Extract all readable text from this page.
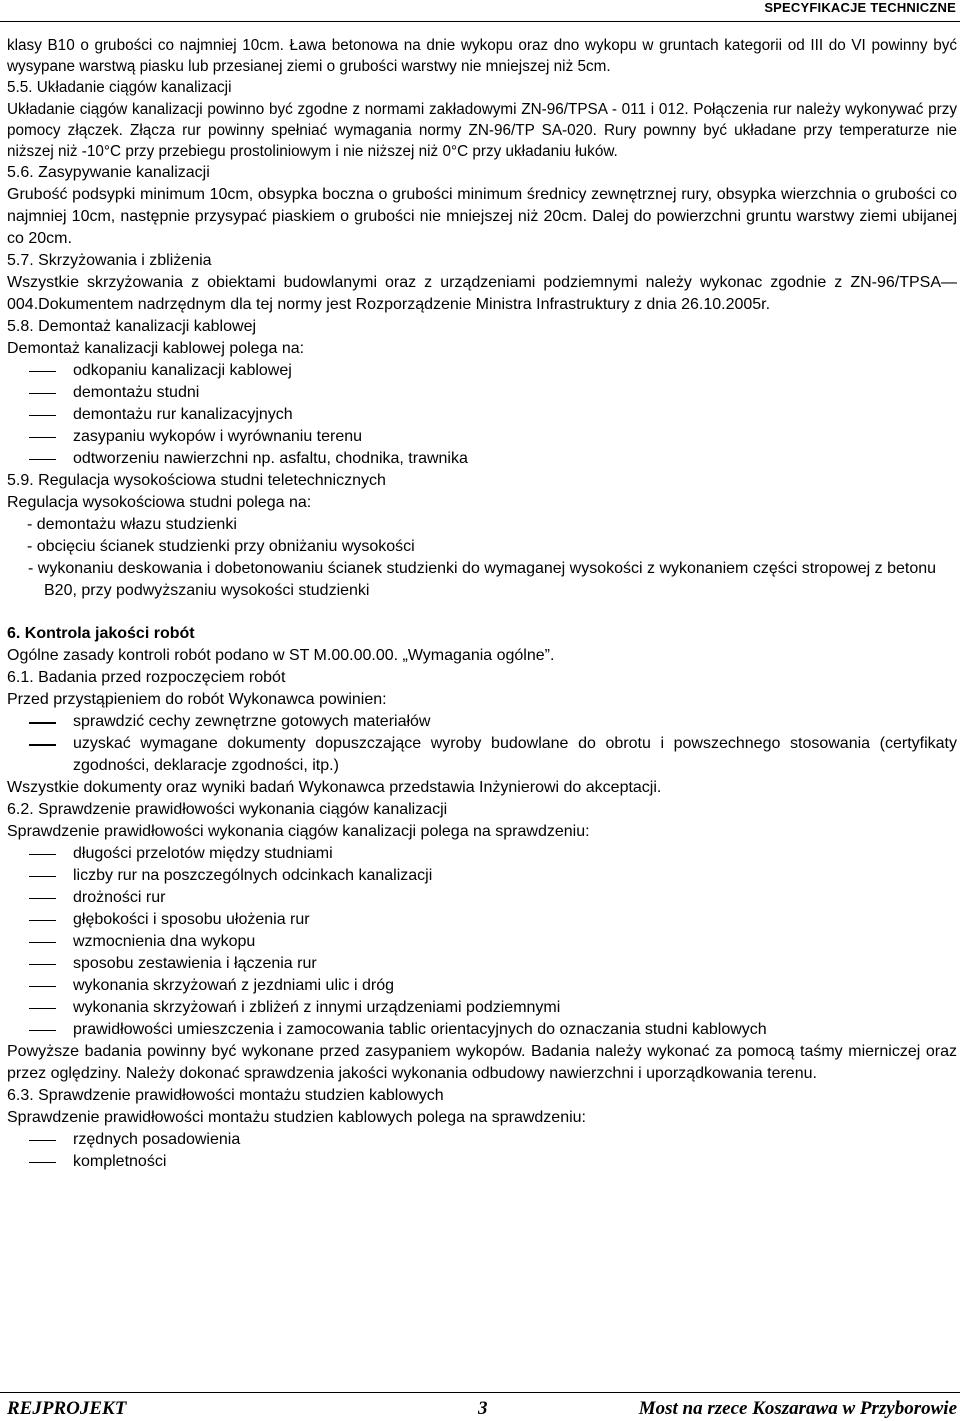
SPECYFIKACJE TECHNICZNE

klasy B10 o grubości co najmniej 10cm. Ława betonowa na dnie wykopu oraz dno wykopu w gruntach kategorii od III do VI powinny być wysypane warstwą piasku lub przesianej ziemi o grubości warstwy nie mniejszej niż 5cm.

5.5. Układanie ciągów kanalizacji

Układanie ciągów kanalizacji powinno być zgodne z normami zakładowymi ZN-96/TPSA - 011 i 012. Połączenia rur należy wykonywać przy pomocy złączek. Złącza rur powinny spełniać wymagania normy ZN-96/TP SA-020. Rury pownny być układane przy temperaturze nie niższej niż -10°C przy przebiegu prostoliniowym i nie niższej niż 0°C przy układaniu łuków.

5.6. Zasypywanie kanalizacji

Grubość podsypki minimum 10cm, obsypka boczna o grubości minimum średnicy zewnętrznej rury, obsypka wierzchnia o grubości co najmniej 10cm, następnie przysypać piaskiem o grubości nie mniejszej niż 20cm. Dalej do powierzchni gruntu warstwy ziemi ubijanej co 20cm.

5.7. Skrzyżowania i zbliżenia

Wszystkie skrzyżowania z obiektami budowlanymi oraz z urządzeniami podziemnymi należy wykonac zgodnie z ZN-96/TPSA—004.Dokumentem nadrzędnym dla tej normy jest Rozporządzenie Ministra Infrastruktury z dnia 26.10.2005r.

5.8. Demontaż kanalizacji kablowej

Demontaż kanalizacji kablowej polega na:

odkopaniu kanalizacji kablowej
demontażu studni
demontażu rur kanalizacyjnych
zasypaniu wykopów i wyrównaniu terenu
odtworzeniu nawierzchni np. asfaltu, chodnika, trawnika

5.9. Regulacja wysokościowa studni teletechnicznych

Regulacja wysokościowa studni polega na:

- demontażu włazu studzienki

- obcięciu ścianek studzienki przy obniżaniu wysokości

- wykonaniu deskowania i dobetonowaniu ścianek studzienki do wymaganej wysokości z wykonaniem części stropowej z betonu B20, przy podwyższaniu wysokości studzienki

6. Kontrola jakości robót

Ogólne zasady kontroli robót podano w ST M.00.00.00. „Wymagania ogólne”.

6.1. Badania przed rozpoczęciem robót

Przed przystąpieniem do robót Wykonawca powinien:

sprawdzić cechy zewnętrzne gotowych materiałów
uzyskać wymagane dokumenty dopuszczające wyroby budowlane do obrotu i powszechnego stosowania (certyfikaty zgodności, deklaracje zgodności, itp.)

Wszystkie dokumenty oraz wyniki badań Wykonawca przedstawia Inżynierowi do akceptacji.

6.2. Sprawdzenie prawidłowości wykonania ciągów kanalizacji

Sprawdzenie prawidłowości wykonania ciągów kanalizacji polega na sprawdzeniu:

długości przelotów między studniami
liczby rur na poszczególnych odcinkach kanalizacji
drożności rur
głębokości i sposobu ułożenia rur
wzmocnienia dna wykopu
sposobu zestawienia i łączenia rur
wykonania skrzyżowań z jezdniami ulic i dróg
wykonania skrzyżowań i zbliżeń z innymi urządzeniami podziemnymi
prawidłowości umieszczenia i zamocowania tablic orientacyjnych do oznaczania studni kablowych

Powyższe badania powinny być wykonane przed zasypaniem wykopów. Badania należy wykonać za pomocą taśmy mierniczej oraz przez oględziny. Należy dokonać sprawdzenia jakości wykonania odbudowy nawierzchni i uporządkowania terenu.

6.3. Sprawdzenie prawidłowości montażu studzien kablowych

Sprawdzenie prawidłowości montażu studzien kablowych polega na sprawdzeniu:

rzędnych posadowienia
kompletności
REJPROJEKT	3	Most na rzece Koszarawa w Przyborowie
